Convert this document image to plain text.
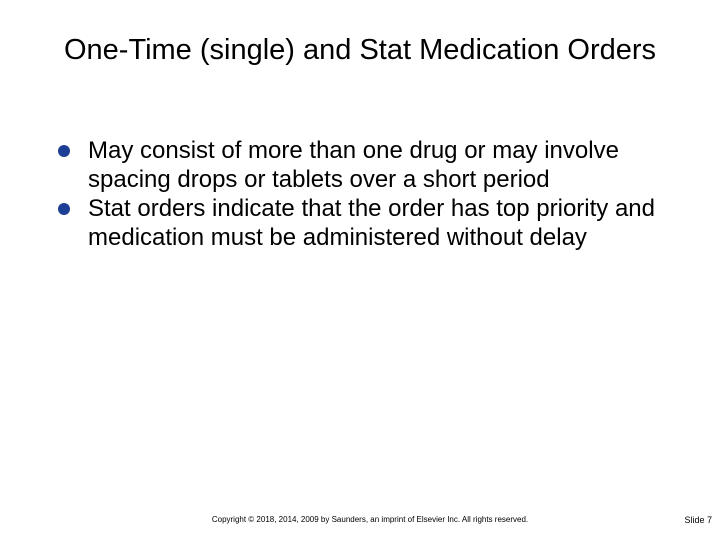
One-Time (single) and Stat Medication Orders
May consist of more than one drug or may involve spacing drops or tablets over a short period
Stat orders indicate that the order has top priority and medication must be administered without delay
Copyright © 2018, 2014, 2009 by Saunders, an imprint of Elsevier Inc. All rights reserved.	Slide 7
